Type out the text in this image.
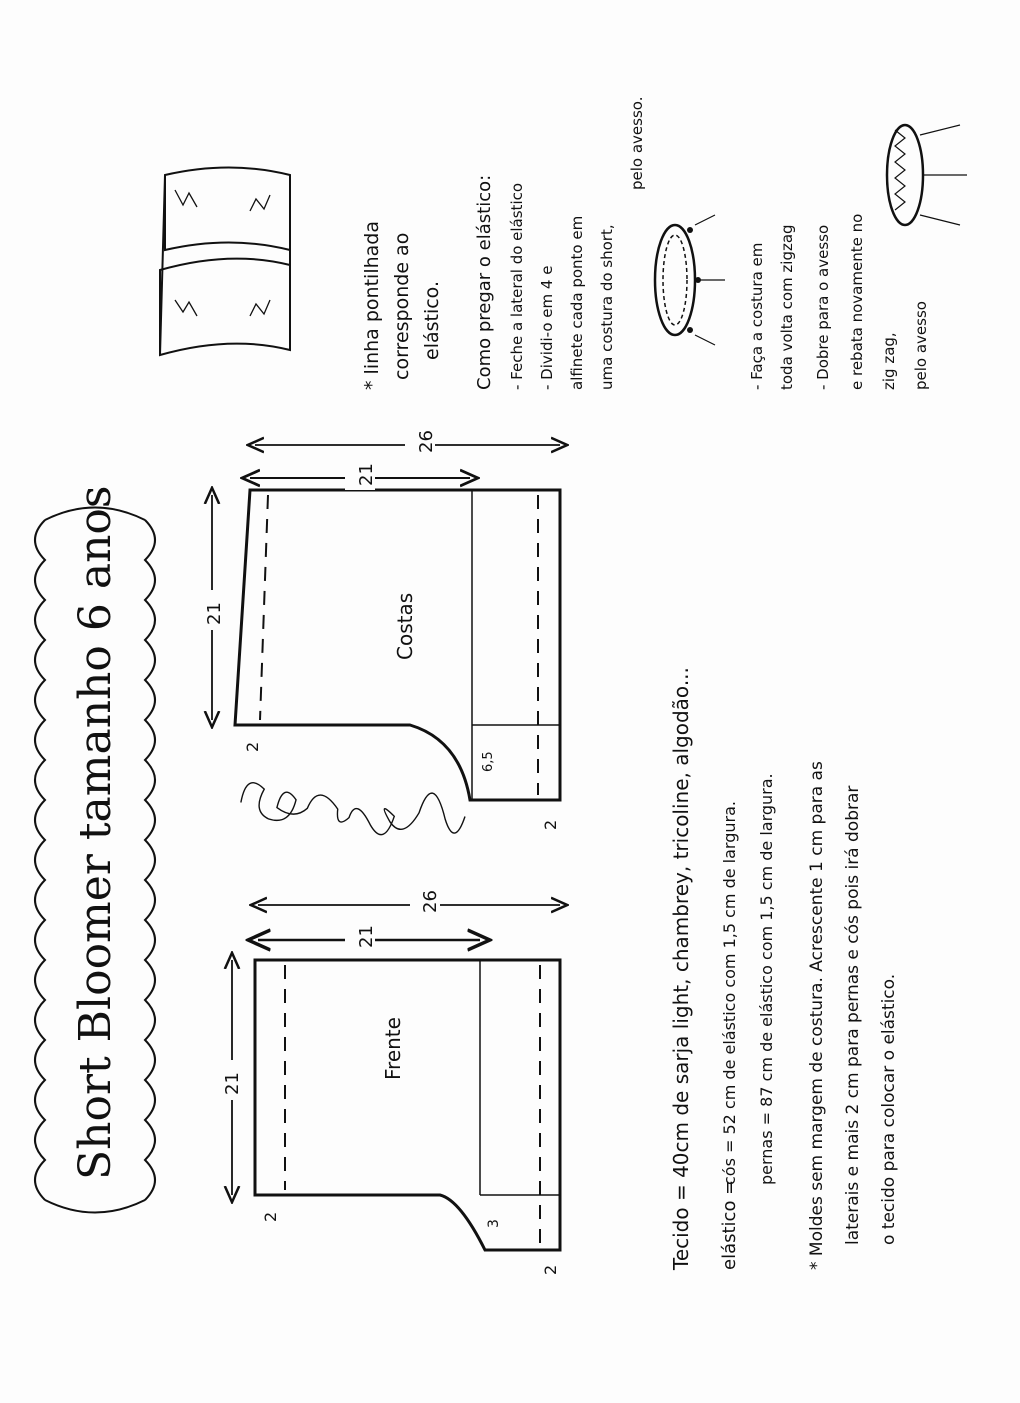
Short Bloomer tamanho 6 anos	21
21
26
Frente
2
2
3
21
21
26
Costas
2
2
6,5
* linha pontilhada corresponde ao elástico. Como pregar o elástico: - Feche a lateral do elástico - Dividi-o em 4 e alfinete cada ponto em uma costura do short,
pelo avesso.
- Faça a costura em toda volta com zigzag - Dobre para o avesso e rebata novamente no zig zag, pelo avesso
Tecido = 40cm de sarja light, chambrey, tricoline, algodão... elástico =
cós = 52 cm de elástico com 1,5 cm de largura. pernas = 87 cm de elástico com 1,5 cm de largura. * Moldes sem margem de costura. Acrescente 1 cm para as laterais e mais 2 cm para pernas e cós pois irá dobrar o tecido para colocar o elástico.
